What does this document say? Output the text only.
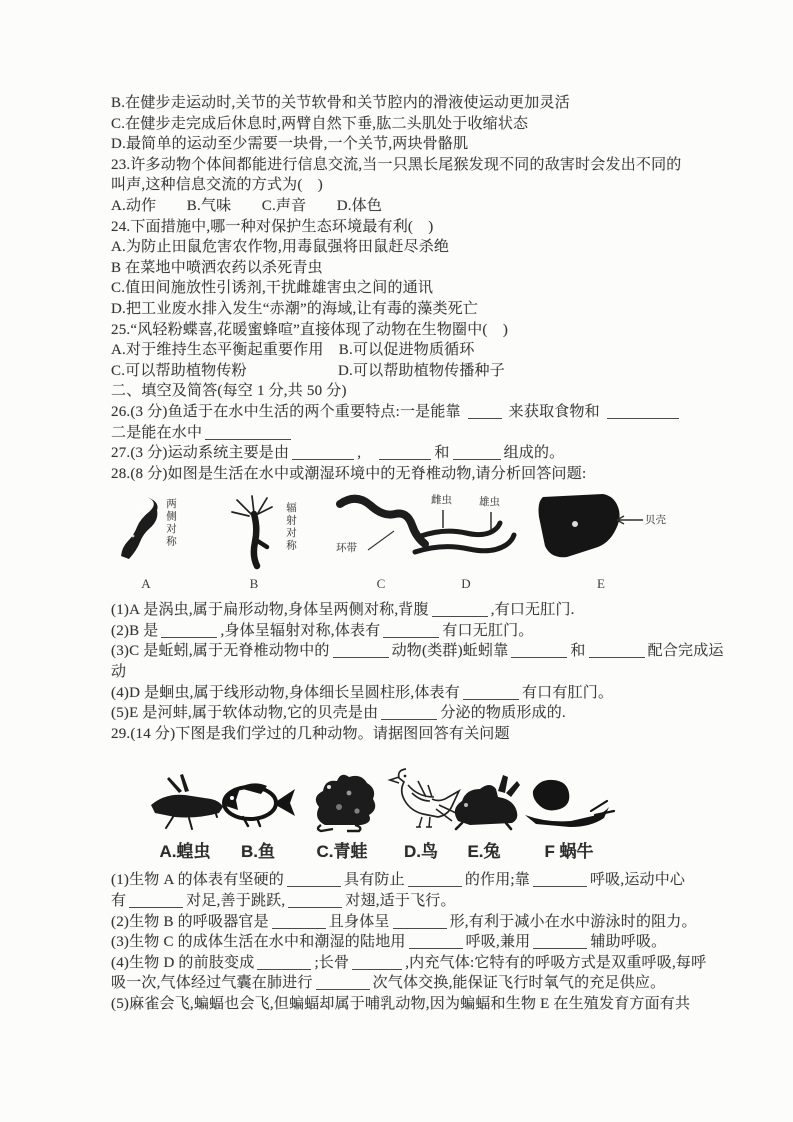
B.在健步走运动时,关节的关节软骨和关节腔内的滑液使运动更加灵活
C.在健步走完成后休息时,两臂自然下垂,肱二头肌处于收缩状态
D.最简单的运动至少需要一块骨,一个关节,两块骨骼肌
23.许多动物个体间都能进行信息交流,当一只黑长尾猴发现不同的敌害时会发出不同的
叫声,这种信息交流的方式为(　)
A.动作　　B.气味　　C.声音　　D.体色
24.下面措施中,哪一种对保护生态环境最有利(　)
A.为防止田鼠危害农作物,用毒鼠强将田鼠赶尽杀绝
B 在菜地中喷洒农药以杀死青虫
C.值田间施放性引诱剂,干扰雌雄害虫之间的通讯
D.把工业废水排入发生“赤潮”的海域,让有毒的藻类死亡
25.“风轻粉蝶喜,花暖蜜蜂喧”直接体现了动物在生物圈中(　)
A.对于维持生态平衡起重要作用　B.可以促进物质循环
C.可以帮助植物传粉　　　　　　D.可以帮助植物传播种子
二、填空及简答(每空 1 分,共 50 分)
26.(3 分)鱼适于在水中生活的两个重要特点:一是能靠	来获取食物和
二是能在水中
27.(3 分)运动系统主要是由	,　	和	组成的。
28.(8 分)如图是生活在水中或潮湿环境中的无脊椎动物,请分析回答问题:
两侧对称
A
辐射对称
B
环带
C
雌虫	雄虫
D
贝壳
E
(1)A 是涡虫,属于扁形动物,身体呈两侧对称,背腹	,有口无肛门.
(2)B 是	,身体呈辐射对称,体表有	有口无肛门。
(3)C 是蚯蚓,属于无脊椎动物中的	动物(类群)蚯蚓靠	和	配合完成运
动
(4)D 是蛔虫,属于线形动物,身体细长呈圆柱形,体表有	有口有肛门。
(5)E 是河蚌,属于软体动物,它的贝壳是由	分泌的物质形成的.
29.(14 分)下图是我们学过的几种动物。请据图回答有关问题
A.蝗虫 B.鱼 C.青蛙 D.鸟 E.兔	F 蜗牛
(1)生物 A 的体表有坚硬的	具有防止	的作用;靠	呼吸,运动中心
有	对足,善于跳跃,	对翅,适于飞行。
(2)生物 B 的呼吸器官是	且身体呈	形,有利于减小在水中游泳时的阻力。
(3)生物 C 的成体生活在水中和潮湿的陆地用	呼吸,兼用	辅助呼吸。
(4)生物 D 的前肢变成	;长骨	,内充气体:它特有的呼吸方式是双重呼吸,每呼
吸一次,气体经过气囊在肺进行	次气体交换,能保证飞行时氧气的充足供应。
(5)麻雀会飞,蝙蝠也会飞,但蝙蝠却属于哺乳动物,因为蝙蝠和生物 E 在生殖发育方面有共
